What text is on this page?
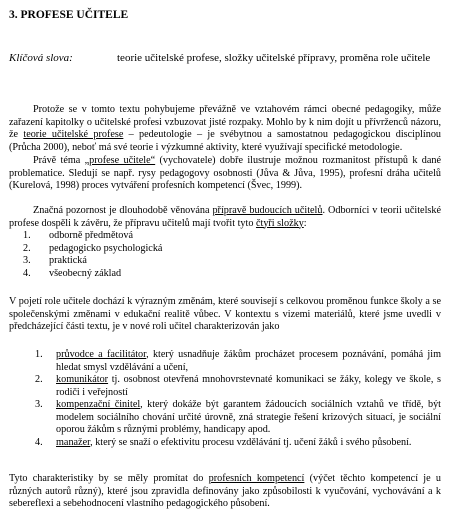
3. PROFESE UČITELE
Klíčová slova:	teorie učitelské profese, složky učitelské přípravy, proměna role učitele

Protože se v tomto textu pohybujeme převážně ve vztahovém rámci obecné pedagogiky, může zařazení kapitolky o učitelské profesi vzbuzovat jisté rozpaky. Mohlo by k nim dojít u přívrženců názoru, že teorie učitelské profese – pedeutologie – je svébytnou a samostatnou pedagogickou disciplínou (Průcha 2000), neboť má své teorie i výzkumné aktivity, které využívají specifické metodologie.

Právě téma „profese učitele“ (vychovatele) dobře ilustruje možnou rozmanitost přístupů k dané problematice. Sledují se např. rysy pedagogovy osobnosti (Jůva & Jůva, 1995), profesní dráha učitelů (Kurelová, 1998) proces vytváření profesních kompetencí (Švec, 1999).

Značná pozornost je dlouhodobě věnována přípravě budoucích učitelů. Odborníci v teorii učitelské profese dospěli k závěru, že přípravu učitelů mají tvořit tyto čtyři složky:

1.	odborně předmětová
2.	pedagogicko psychologická
3.	praktická
4.	všeobecný základ

V pojetí role učitele dochází k výrazným změnám, které souvisejí s celkovou proměnou funkce školy a se společenskými změnami v edukační realitě vůbec. V kontextu s vizemi materiálů, které jsme uvedli v předcházející části textu, je v nové roli učitel charakterizován jako

1. průvodce a facilitátor, který usnadňuje žákům procházet procesem poznávání, pomáhá jim hledat smysl vzdělávání a učení,
2. komunikátor tj. osobnost otevřená mnohovrstevnaté komunikaci se žáky, kolegy ve škole, s rodiči i veřejností
3. kompenzační činitel, který dokáže být garantem žádoucích sociálních vztahů ve třídě, být modelem sociálního chování určité úrovně, zná strategie řešení krizových situací, je sociální oporou žákům s různými problémy, handicapy apod.
4. manažer, který se snaží o efektivitu procesu vzdělávání tj. učení žáků i svého působení.

Tyto charakteristiky by se měly promítat do profesních kompetencí (výčet těchto kompetencí je u různých autorů různý), které jsou zpravidla definovány jako způsobilosti k vyučování, vychovávání a k sebereflexi a sebehodnocení vlastního pedagogického působení.
